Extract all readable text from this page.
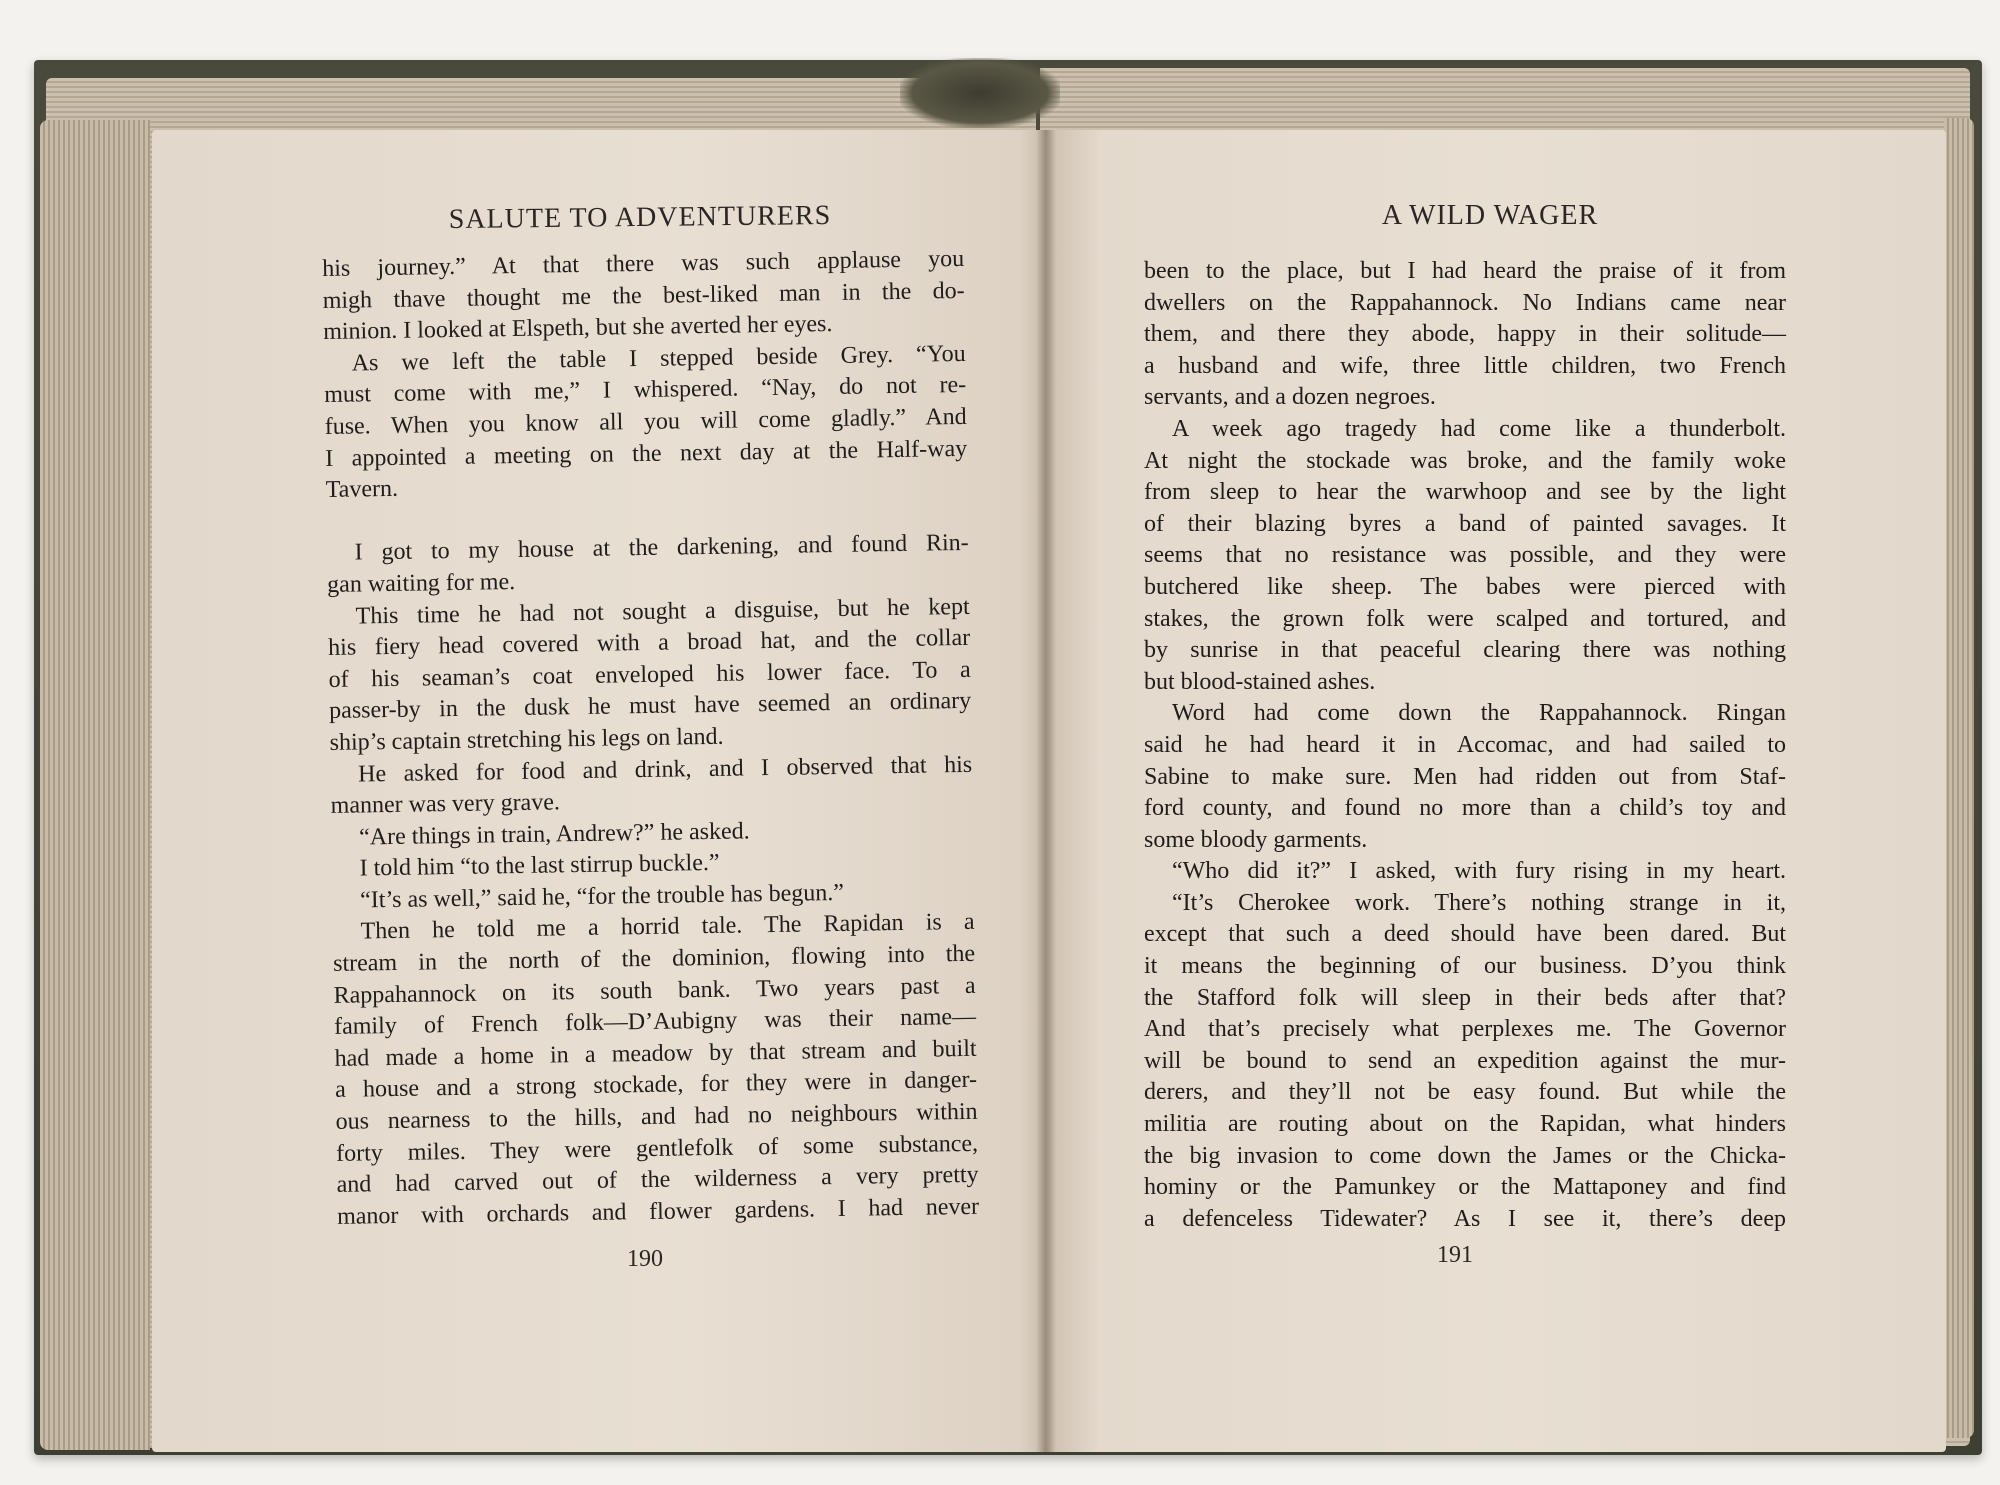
SALUTE TO ADVENTURERS
his journey.” At that there was such applause you
migh thave thought me the best-liked man in the do-
minion. I looked at Elspeth, but she averted her eyes.
As we left the table I stepped beside Grey. “You
must come with me,” I whispered. “Nay, do not re-
fuse. When you know all you will come gladly.” And
I appointed a meeting on the next day at the Half-way
Tavern.
I got to my house at the darkening, and found Rin-
gan waiting for me.
This time he had not sought a disguise, but he kept
his fiery head covered with a broad hat, and the collar
of his seaman’s coat enveloped his lower face. To a
passer-by in the dusk he must have seemed an ordinary
ship’s captain stretching his legs on land.
He asked for food and drink, and I observed that his
manner was very grave.
“Are things in train, Andrew?” he asked.
I told him “to the last stirrup buckle.”
“It’s as well,” said he, “for the trouble has begun.”
Then he told me a horrid tale. The Rapidan is a
stream in the north of the dominion, flowing into the
Rappahannock on its south bank. Two years past a
family of French folk—D’Aubigny was their name—
had made a home in a meadow by that stream and built
a house and a strong stockade, for they were in danger-
ous nearness to the hills, and had no neighbours within
forty miles. They were gentlefolk of some substance,
and had carved out of the wilderness a very pretty
manor with orchards and flower gardens. I had never
190
A WILD WAGER
been to the place, but I had heard the praise of it from
dwellers on the Rappahannock. No Indians came near
them, and there they abode, happy in their solitude—
a husband and wife, three little children, two French
servants, and a dozen negroes.
A week ago tragedy had come like a thunderbolt.
At night the stockade was broke, and the family woke
from sleep to hear the warwhoop and see by the light
of their blazing byres a band of painted savages. It
seems that no resistance was possible, and they were
butchered like sheep. The babes were pierced with
stakes, the grown folk were scalped and tortured, and
by sunrise in that peaceful clearing there was nothing
but blood-stained ashes.
Word had come down the Rappahannock. Ringan
said he had heard it in Accomac, and had sailed to
Sabine to make sure. Men had ridden out from Staf-
ford county, and found no more than a child’s toy and
some bloody garments.
“Who did it?” I asked, with fury rising in my heart.
“It’s Cherokee work. There’s nothing strange in it,
except that such a deed should have been dared. But
it means the beginning of our business. D’you think
the Stafford folk will sleep in their beds after that?
And that’s precisely what perplexes me. The Governor
will be bound to send an expedition against the mur-
derers, and they’ll not be easy found. But while the
militia are routing about on the Rapidan, what hinders
the big invasion to come down the James or the Chicka-
hominy or the Pamunkey or the Mattaponey and find
a defenceless Tidewater? As I see it, there’s deep
191
